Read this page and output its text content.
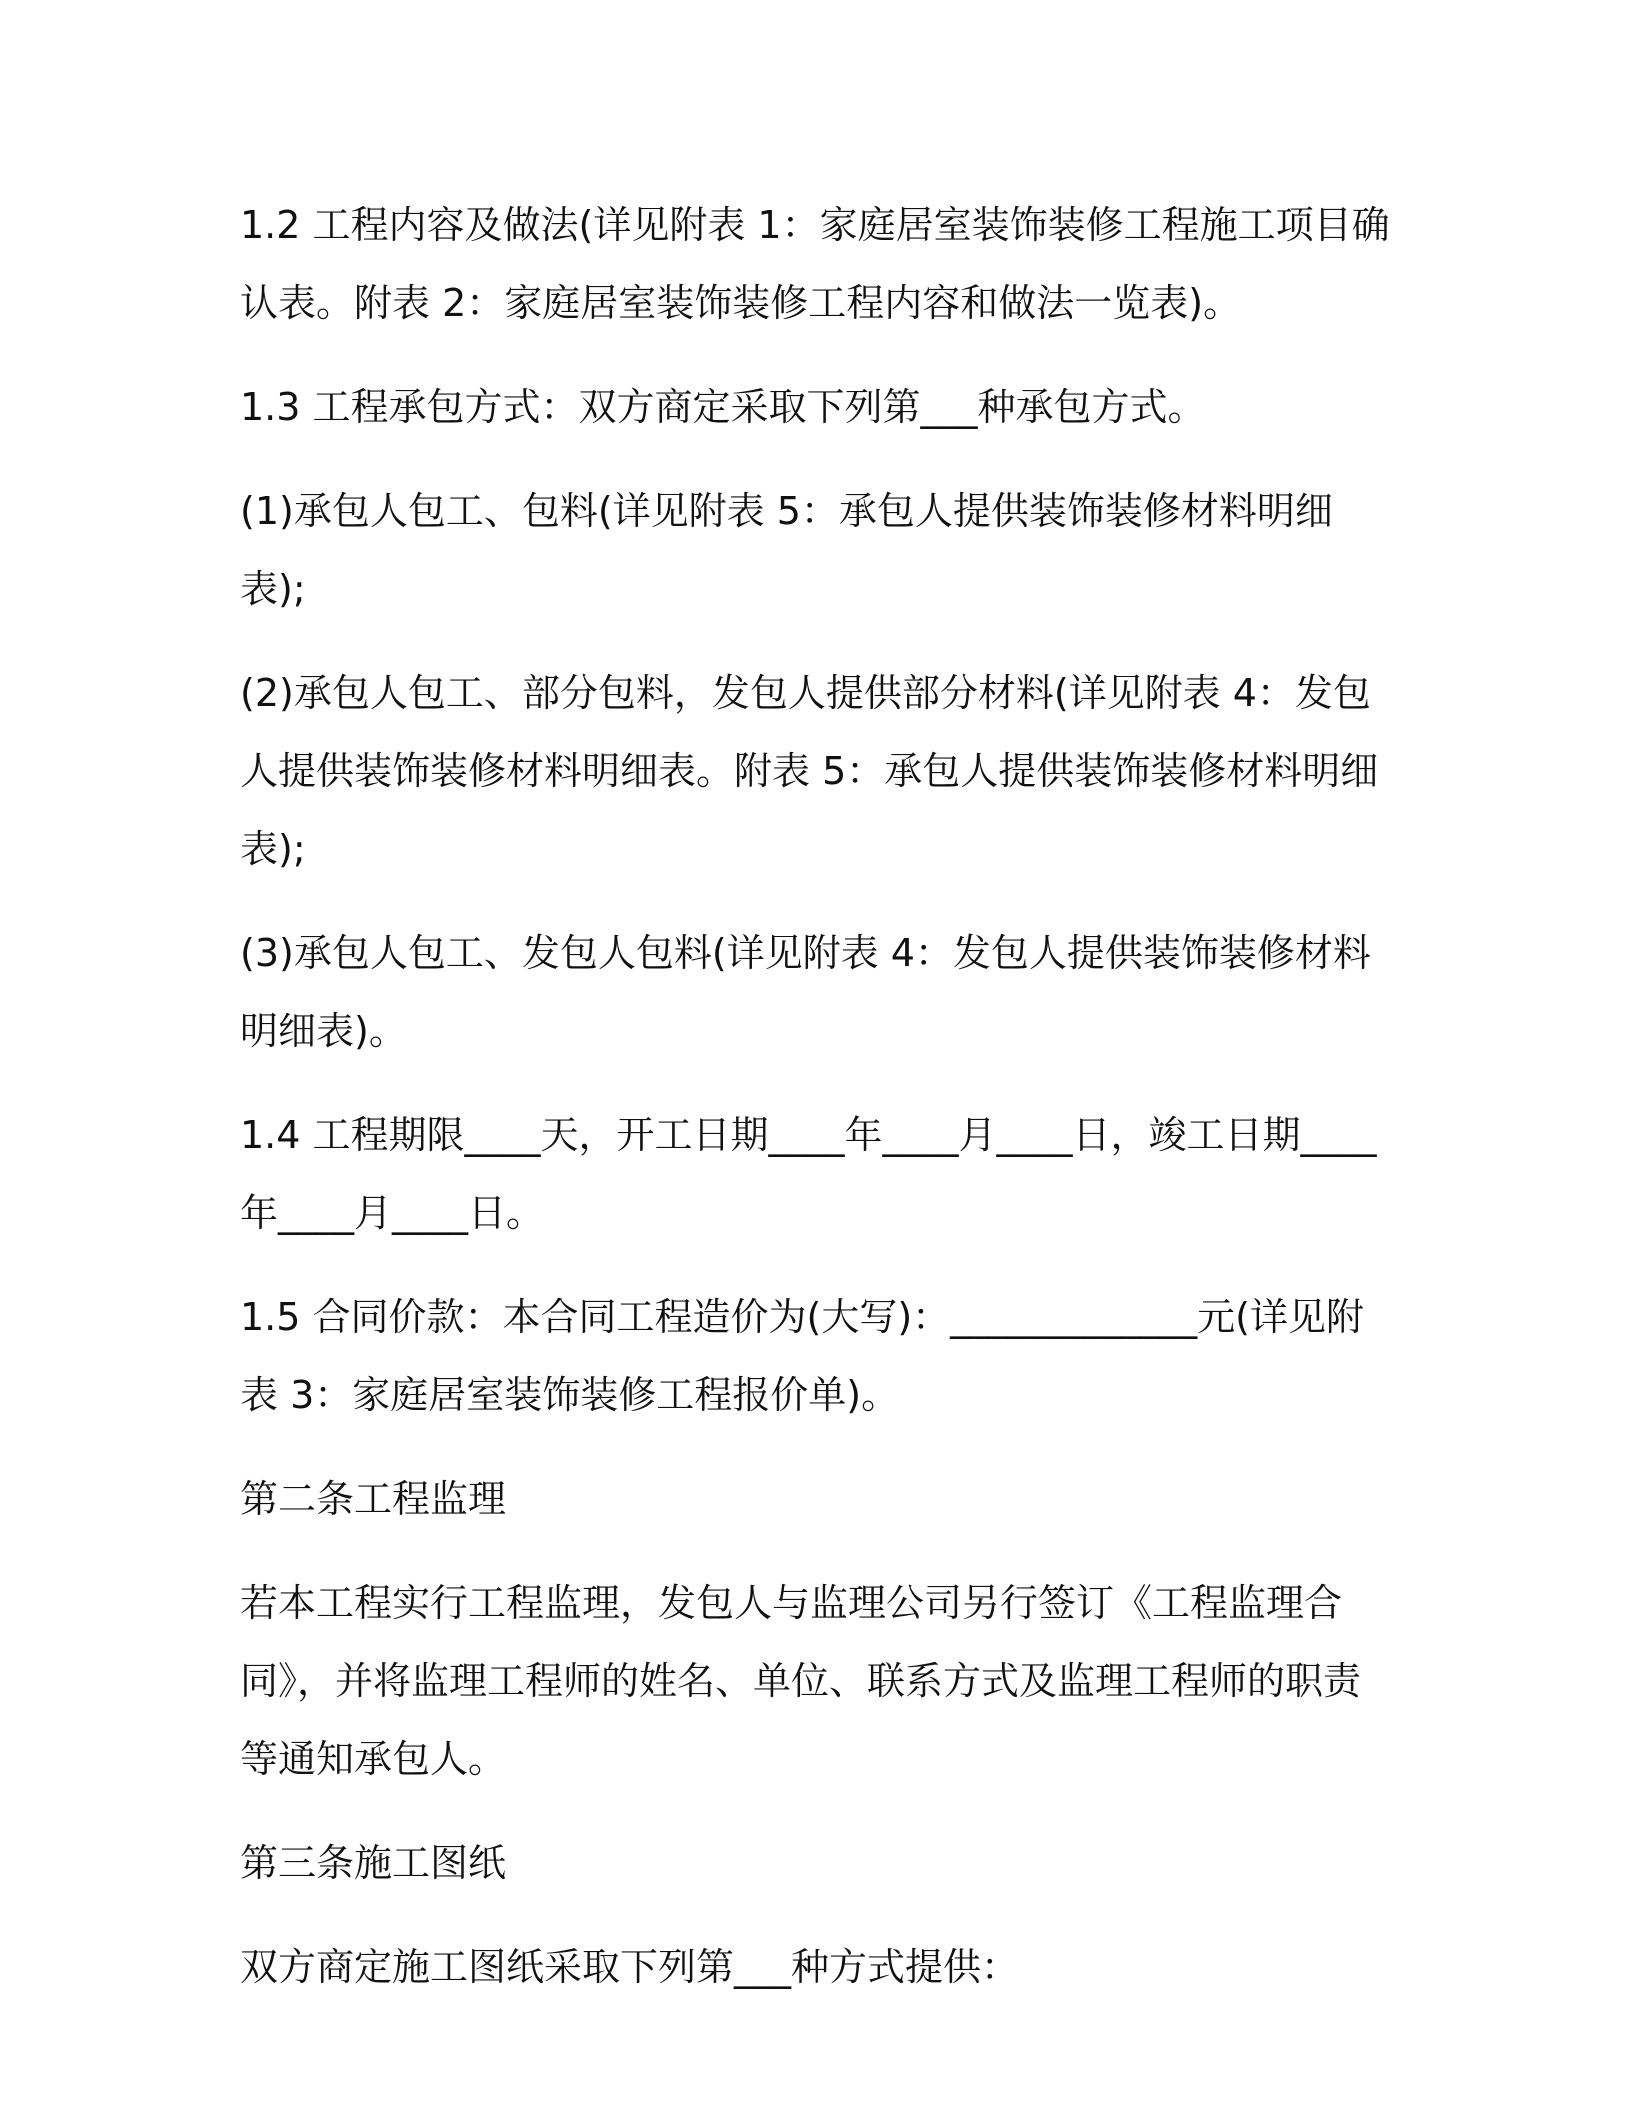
1.2 工程内容及做法(详见附表 1：家庭居室装饰装修工程施工项目确认表。附表 2：家庭居室装饰装修工程内容和做法一览表)。

1.3 工程承包方式：双方商定采取下列第___种承包方式。

(1)承包人包工、包料(详见附表 5：承包人提供装饰装修材料明细表);

(2)承包人包工、部分包料，发包人提供部分材料(详见附表 4：发包人提供装饰装修材料明细表。附表 5：承包人提供装饰装修材料明细表);

(3)承包人包工、发包人包料(详见附表 4：发包人提供装饰装修材料明细表)。

1.4 工程期限____天，开工日期____年____月____日，竣工日期____年____月____日。

1.5 合同价款：本合同工程造价为(大写)：_____________元(详见附表 3：家庭居室装饰装修工程报价单)。

第二条工程监理

若本工程实行工程监理，发包人与监理公司另行签订《工程监理合同》，并将监理工程师的姓名、单位、联系方式及监理工程师的职责等通知承包人。

第三条施工图纸

双方商定施工图纸采取下列第___种方式提供：
